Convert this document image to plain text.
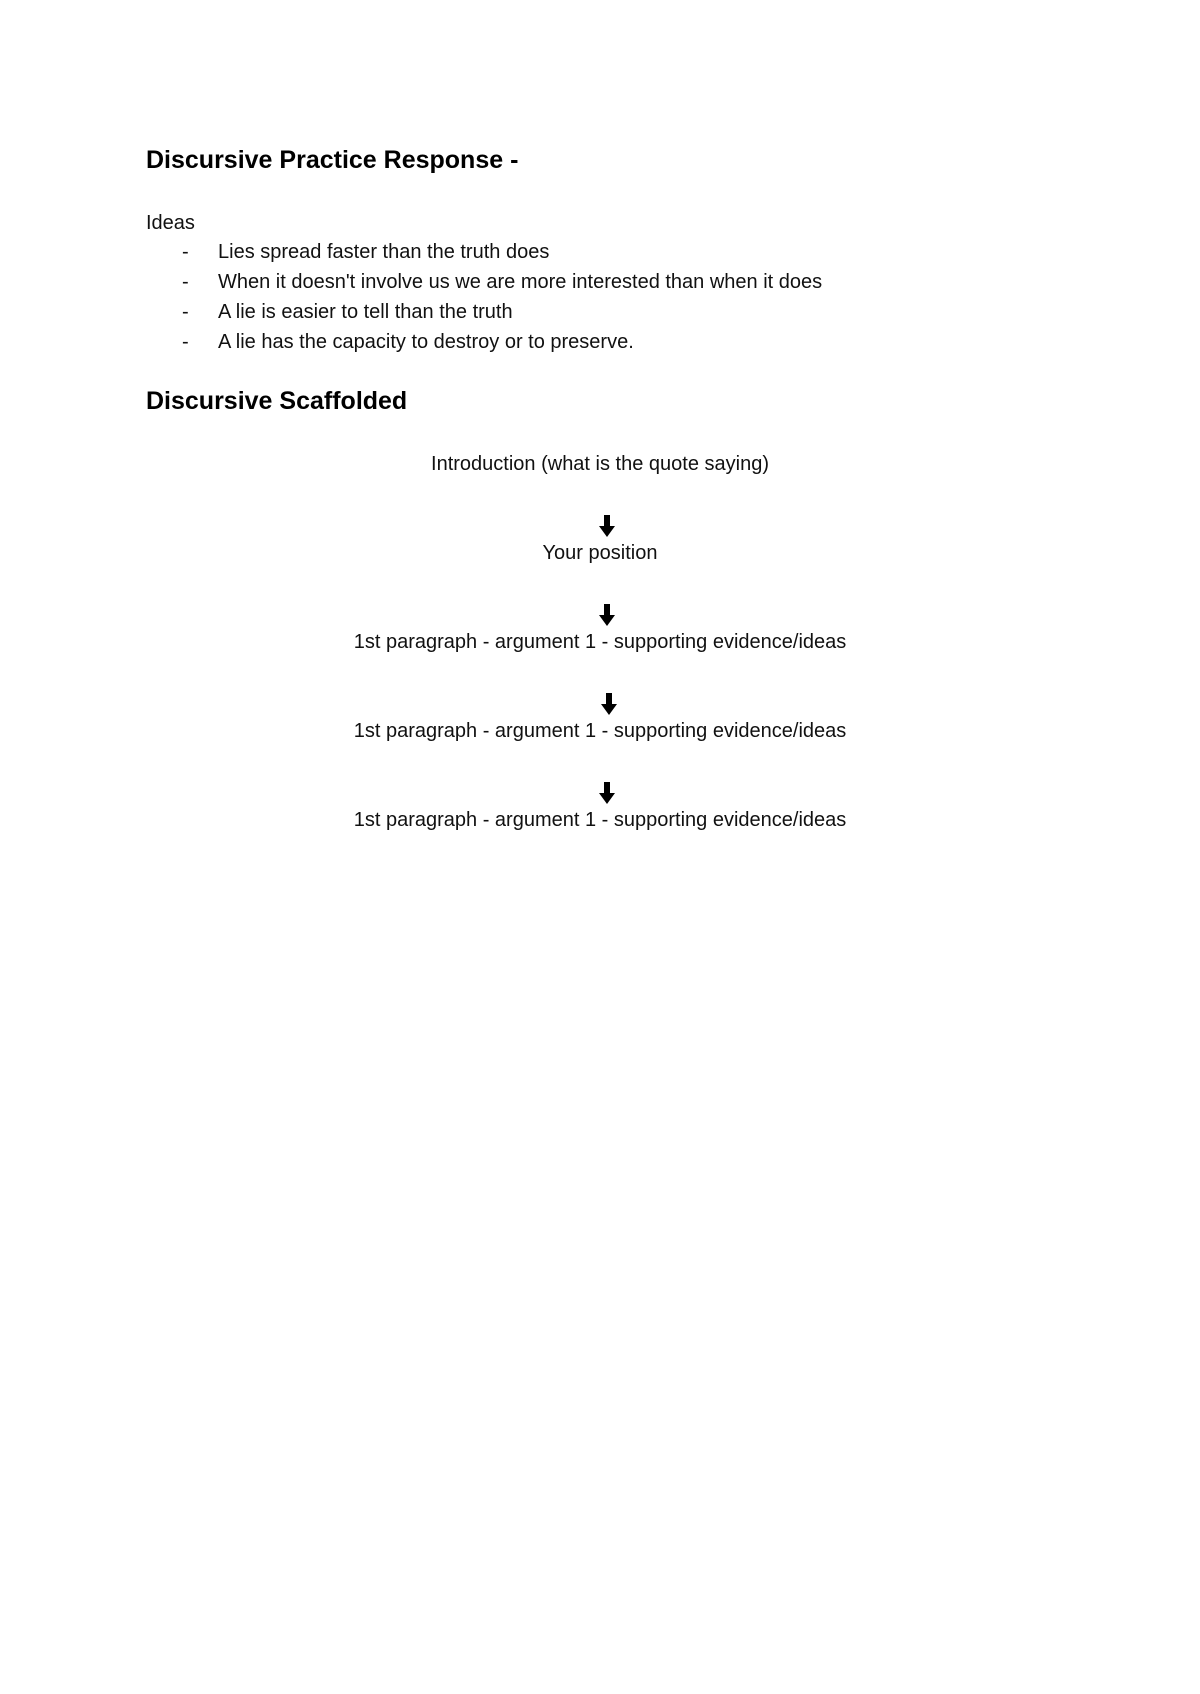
Discursive Practice Response -
Ideas
- Lies spread faster than the truth does
- When it doesn't involve us we are more interested than when it does
- A lie is easier to tell than the truth
- A lie has the capacity to destroy or to preserve.
Discursive Scaffolded
Introduction (what is the quote saying)
Your position
1st paragraph - argument 1 - supporting evidence/ideas
1st paragraph - argument 1 - supporting evidence/ideas
1st paragraph - argument 1 - supporting evidence/ideas
